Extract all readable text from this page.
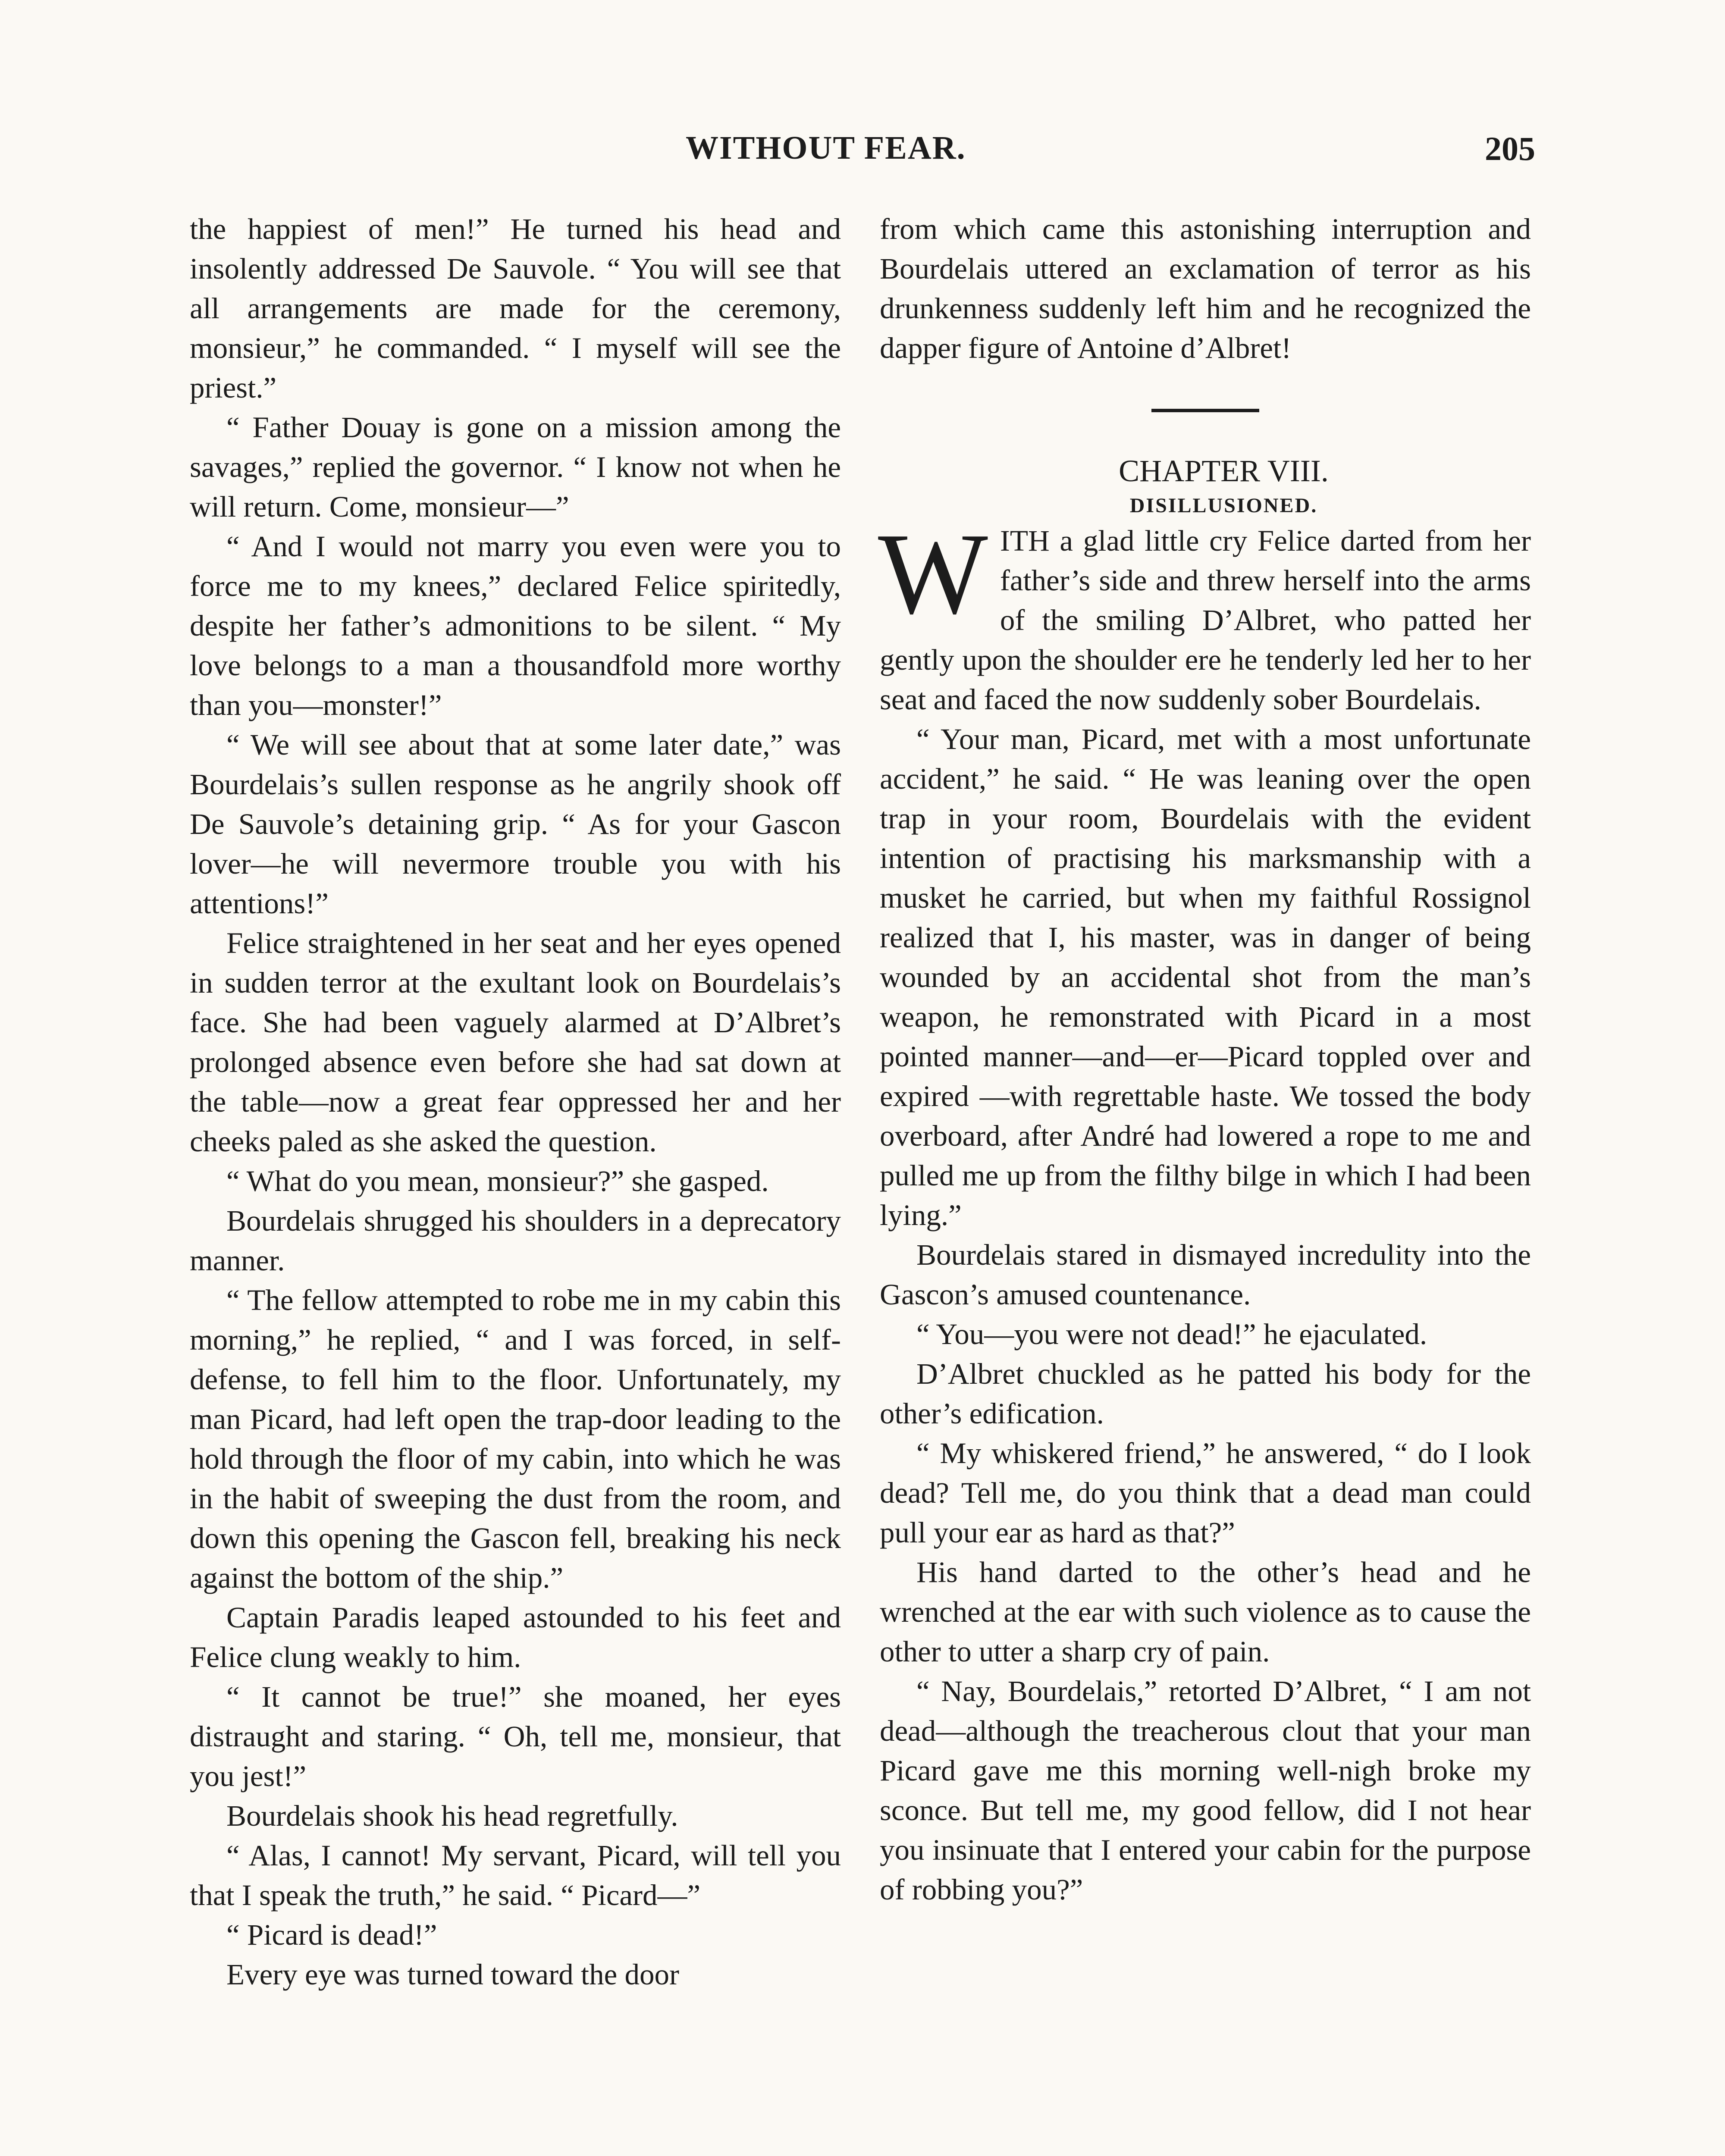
WITHOUT FEAR.	205

the happiest of men!” He turned his head and insolently addressed De Sauvole. “ You will see that all arrangements are made for the ceremony, monsieur,” he commanded. “ I myself will see the priest.”

“ Father Douay is gone on a mission among the savages,” replied the governor. “ I know not when he will return. Come, monsieur—”

“ And I would not marry you even were you to force me to my knees,” declared Felice spiritedly, despite her father’s admonitions to be silent. “ My love belongs to a man a thousandfold more worthy than you—monster!”

“ We will see about that at some later date,” was Bourdelais’s sullen response as he angrily shook off De Sauvole’s detaining grip. “ As for your Gascon lover—he will nevermore trouble you with his attentions!”

Felice straightened in her seat and her eyes opened in sudden terror at the exultant look on Bourdelais’s face. She had been vaguely alarmed at D’Albret’s prolonged absence even before she had sat down at the table—now a great fear oppressed her and her cheeks paled as she asked the question.

“ What do you mean, monsieur?” she gasped.

Bourdelais shrugged his shoulders in a deprecatory manner.

“ The fellow attempted to robe me in my cabin this morning,” he replied, “ and I was forced, in self-defense, to fell him to the floor. Unfortunately, my man Picard, had left open the trap-door leading to the hold through the floor of my cabin, into which he was in the habit of sweeping the dust from the room, and down this opening the Gascon fell, breaking his neck against the bottom of the ship.”

Captain Paradis leaped astounded to his feet and Felice clung weakly to him.

“ It cannot be true!” she moaned, her eyes distraught and staring. “ Oh, tell me, monsieur, that you jest!”

Bourdelais shook his head regretfully.

“ Alas, I cannot! My servant, Picard, will tell you that I speak the truth,” he said. “ Picard—”

“ Picard is dead!”

Every eye was turned toward the door

from which came this astonishing interruption and Bourdelais uttered an exclamation of terror as his drunkenness suddenly left him and he recognized the dapper figure of Antoine d’Albret!

CHAPTER VIII.

DISILLUSIONED.

WITH a glad little cry Felice darted from her father’s side and threw herself into the arms of the smiling D’Albret, who patted her gently upon the shoulder ere he tenderly led her to her seat and faced the now suddenly sober Bourdelais.

“ Your man, Picard, met with a most unfortunate accident,” he said. “ He was leaning over the open trap in your room, Bourdelais with the evident intention of practising his marksmanship with a musket he carried, but when my faithful Rossignol realized that I, his master, was in danger of being wounded by an accidental shot from the man’s weapon, he remonstrated with Picard in a most pointed manner—and—er—Picard toppled over and expired —with regrettable haste. We tossed the body overboard, after André had lowered a rope to me and pulled me up from the filthy bilge in which I had been lying.”

Bourdelais stared in dismayed incredulity into the Gascon’s amused countenance.

“ You—you were not dead!” he ejaculated.

D’Albret chuckled as he patted his body for the other’s edification.

“ My whiskered friend,” he answered, “ do I look dead? Tell me, do you think that a dead man could pull your ear as hard as that?”

His hand darted to the other’s head and he wrenched at the ear with such violence as to cause the other to utter a sharp cry of pain.

“ Nay, Bourdelais,” retorted D’Albret, “ I am not dead—although the treacherous clout that your man Picard gave me this morning well-nigh broke my sconce. But tell me, my good fellow, did I not hear you insinuate that I entered your cabin for the purpose of robbing you?”
